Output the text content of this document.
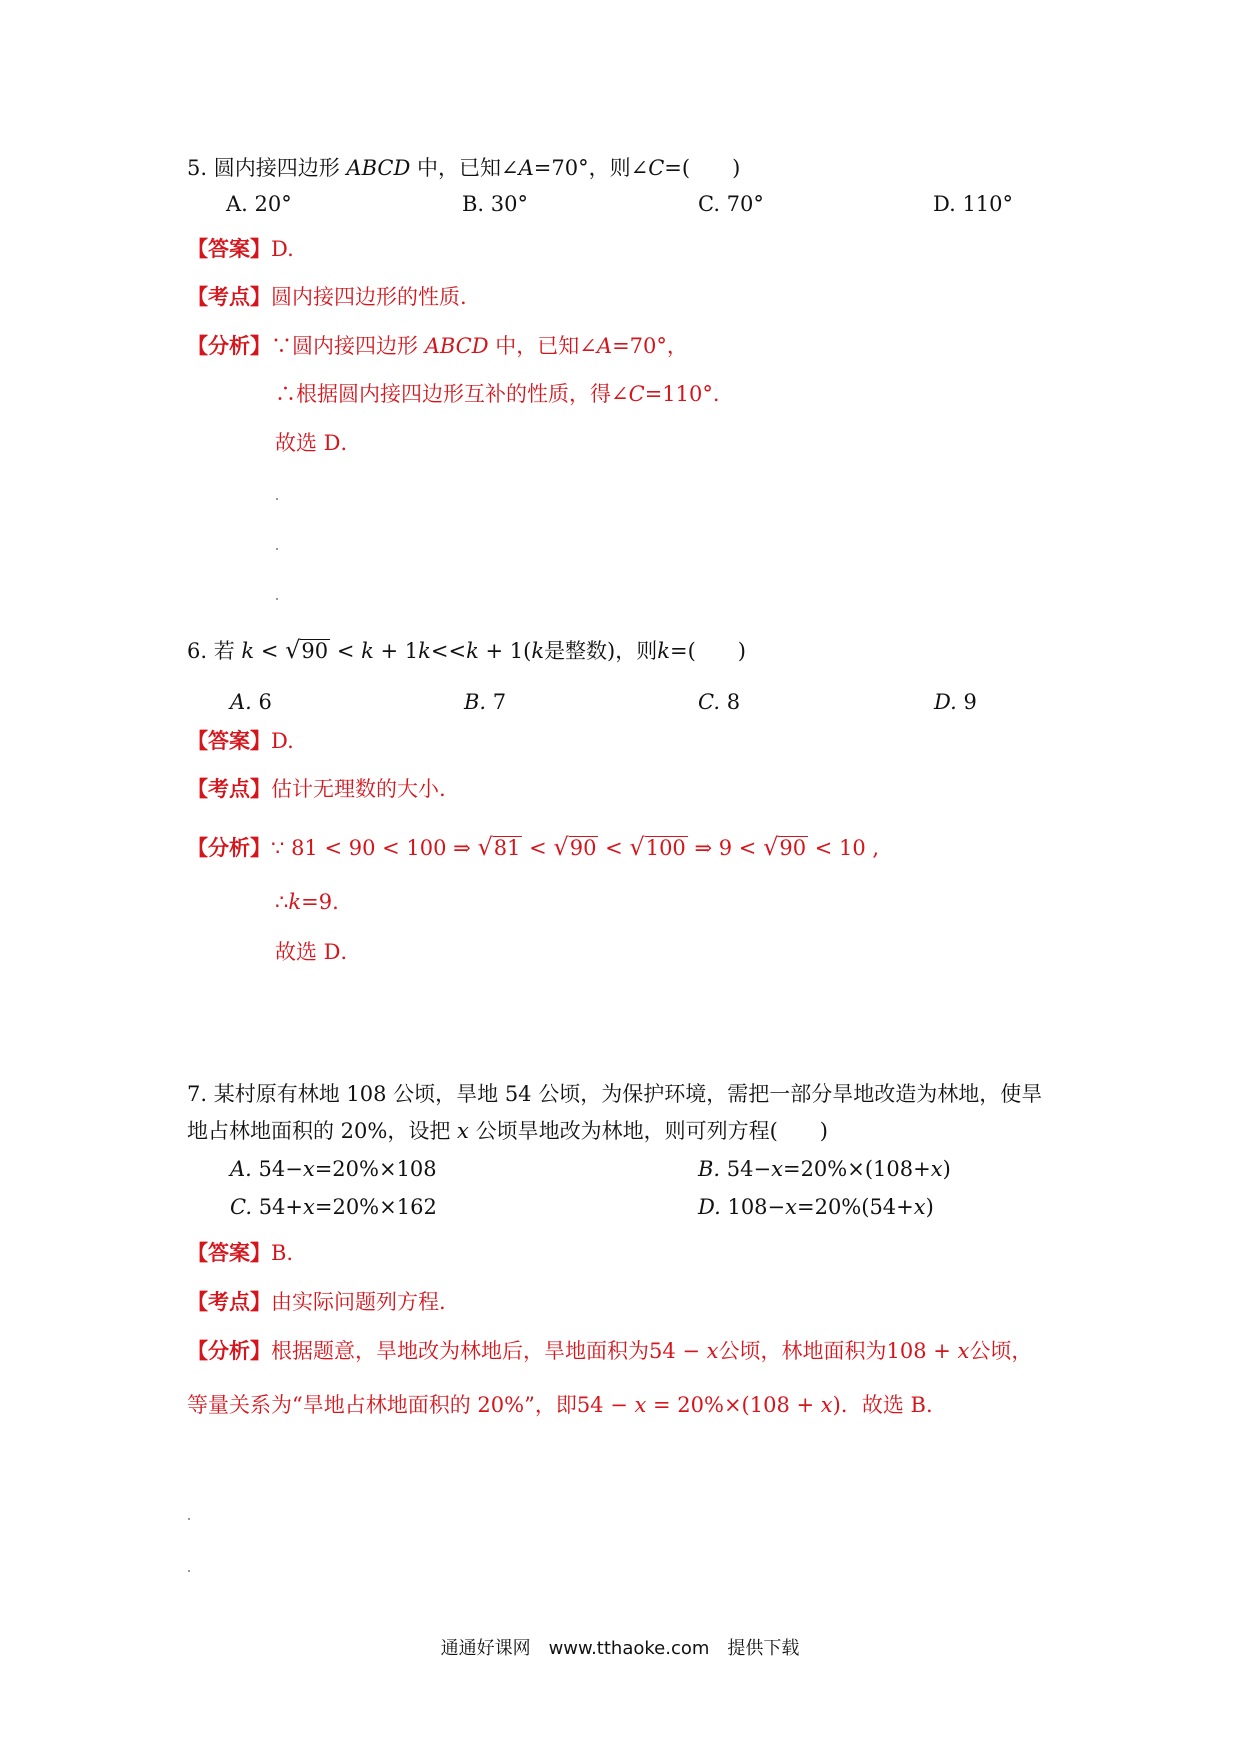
5. 圆内接四边形 ABCD 中，已知∠A=70°，则∠C=(　　)
A. 20°	B. 30°	C. 70°	D. 110°
【答案】D.
【考点】圆内接四边形的性质.
【分析】∵圆内接四边形 ABCD 中，已知∠A=70°，
∴根据圆内接四边形互补的性质，得∠C=110°.
故选 D．
6. 若 k < √90 < k + 1k<<k + 1(k是整数)，则k=(　　)
A. 6	B. 7	C. 8	D. 9
【答案】D.
【考点】估计无理数的大小.
【分析】∵ 81 < 90 < 100 ⇒ √81 < √90 < √100 ⇒ 9 < √90 < 10 ,
∴k=9.
故选 D．
7. 某村原有林地 108 公顷，旱地 54 公顷，为保护环境，需把一部分旱地改造为林地，使旱
地占林地面积的 20%，设把 x 公顷旱地改为林地，则可列方程(　　)
A. 54−x=20%×108	B. 54−x=20%×(108+x)
C. 54+x=20%×162	D. 108−x=20%(54+x)
【答案】B.
【考点】由实际问题列方程.
【分析】根据题意，旱地改为林地后，旱地面积为54 − x公顷，林地面积为108 + x公顷，
等量关系为“旱地占林地面积的 20%”，即54 − x = 20%×(108 + x)．故选 B.
通通好课网　www.tthaoke.com　提供下载
